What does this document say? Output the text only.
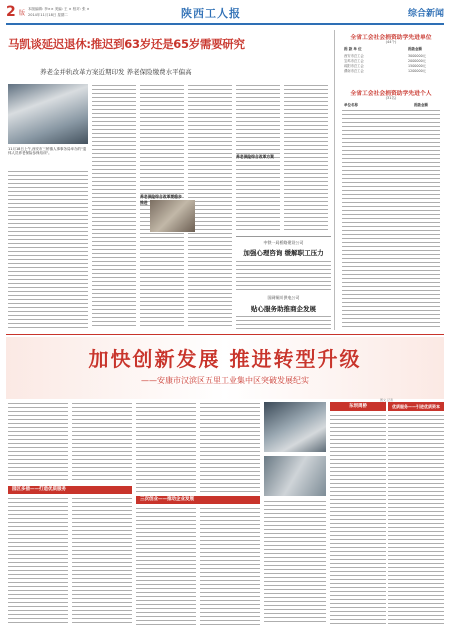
2 版
本版编辑: 李×× 美编: 王 × 校对: 张 ×
2014年11月18日 星期二	陕西工人报	综合新闻
马凯谈延迟退休:推迟到63岁还是65岁需要研究
养老金并轨改革方案近期印发 养老保险缴费水平偏高
11月18日上午,西安市三桥镇人事事务局举办的"退休人员养老保险参保培训"。
养老保险综合改革要稳步推进
养老保险综合改革方案
中铁一局桥路建设公司
加强心理咨询 缓解职工压力
国网铜川供电公司
贴心服务助推商企发展
全省工会社会捐资助学先进单位
(44个)
捐 款 单 位	捐款金额
西安市总工会	3000000元
宝鸡市总工会	2000000元
咸阳市总工会	1500000元
渭南市总工会	1200000元
全省工会社会捐资助学先进个人
(31名)
单位名称	捐款金额
加快创新发展 推进转型升级
——安康市汉滨区五里工业集中区突破发展纪实
园区多措——打造优质服务
三次创业——推动企业发展
东坝周桥	优质服务——引进优质资本
图文 记者
